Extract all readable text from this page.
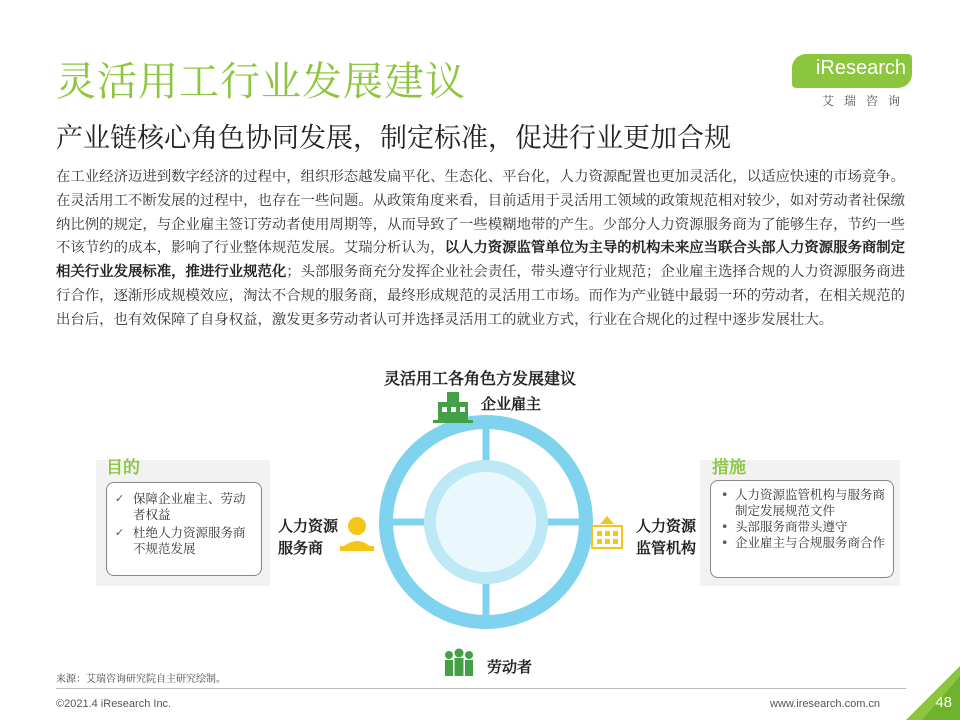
灵活用工行业发展建议
产业链核心角色协同发展，制定标准，促进行业更加合规
iResearch
艾瑞咨询

在工业经济迈进到数字经济的过程中，组织形态越发扁平化、生态化、平台化，人力资源配置也更加灵活化，以适应快速的市场竞争。在灵活用工不断发展的过程中，也存在一些问题。从政策角度来看，目前适用于灵活用工领域的政策规范相对较少，如对劳动者社保缴纳比例的规定，与企业雇主签订劳动者使用周期等，从而导致了一些模糊地带的产生。少部分人力资源服务商为了能够生存，节约一些不该节约的成本，影响了行业整体规范发展。艾瑞分析认为，以人力资源监管单位为主导的机构未来应当联合头部人力资源服务商制定相关行业发展标准，推进行业规范化；头部服务商充分发挥企业社会责任，带头遵守行业规范；企业雇主选择合规的人力资源服务商进行合作，逐渐形成规模效应，淘汰不合规的服务商，最终形成规范的灵活用工市场。而作为产业链中最弱一环的劳动者，在相关规范的出台后，也有效保障了自身权益，激发更多劳动者认可并选择灵活用工的就业方式，行业在合规化的过程中逐步发展壮大。

灵活用工各角色方发展建议
企业雇主
人力资源
服务商
人力资源
监管机构
劳动者
目的
✓ 保障企业雇主、劳动者权益
✓ 杜绝人力资源服务商不规范发展
措施
• 人力资源监管机构与服务商制定发展规范文件
• 头部服务商带头遵守
• 企业雇主与合规服务商合作
来源：艾瑞咨询研究院自主研究绘制。
©2021.4 iResearch Inc.	www.iresearch.com.cn	48
